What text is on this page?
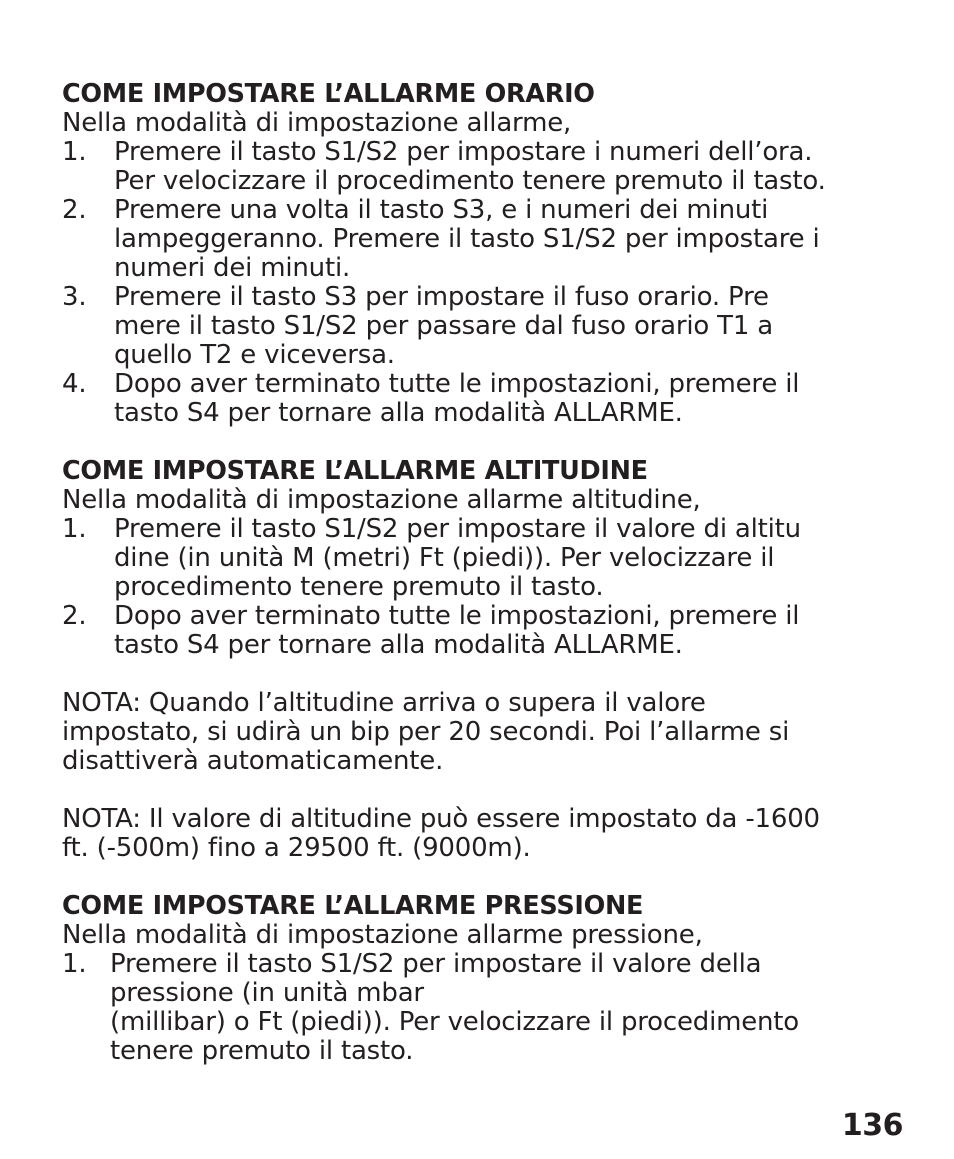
COME IMPOSTARE L’ALLARME ORARIO
Nella modalità di impostazione allarme,
1. Premere il tasto S1/S2 per impostare i numeri dell’ora.
Per velocizzare il procedimento tenere premuto il tasto.
2. Premere una volta il tasto S3, e i numeri dei minuti
lampeggeranno. Premere il tasto S1/S2 per impostare i
numeri dei minuti.
3. Premere il tasto S3 per impostare il fuso orario. Pre
mere il tasto S1/S2 per passare dal fuso orario T1 a
quello T2 e viceversa.
4. Dopo aver terminato tutte le impostazioni, premere il
tasto S4 per tornare alla modalità ALLARME.
COME IMPOSTARE L’ALLARME ALTITUDINE
Nella modalità di impostazione allarme altitudine,
1. Premere il tasto S1/S2 per impostare il valore di altitu
dine (in unità M (metri) Ft (piedi)). Per velocizzare il
procedimento tenere premuto il tasto.
2. Dopo aver terminato tutte le impostazioni, premere il
tasto S4 per tornare alla modalità ALLARME.
NOTA: Quando l’altitudine arriva o supera il valore
impostato, si udirà un bip per 20 secondi. Poi l’allarme si
disattiverà automaticamente.
NOTA: Il valore di altitudine può essere impostato da -1600
ft. (-500m) fino a 29500 ft. (9000m).
COME IMPOSTARE L’ALLARME PRESSIONE
Nella modalità di impostazione allarme pressione,
1. Premere il tasto S1/S2 per impostare il valore della
pressione (in unità mbar
(millibar) o Ft (piedi)). Per velocizzare il procedimento
tenere premuto il tasto.
136
